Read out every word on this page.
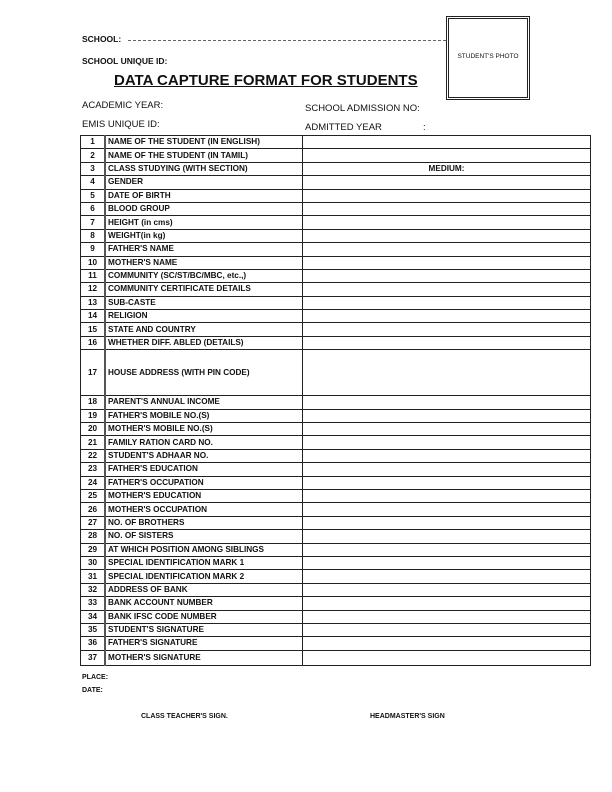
SCHOOL:
SCHOOL UNIQUE ID:	STUDENT'S PHOTO
DATA CAPTURE FORMAT FOR STUDENTS
ACADEMIC YEAR:	SCHOOL ADMISSION NO:
EMIS UNIQUE ID:	ADMITTED YEAR	:
1	NAME OF THE STUDENT (IN ENGLISH)	
2	NAME OF THE STUDENT (IN TAMIL)	
3	CLASS STUDYING (WITH SECTION)	MEDIUM:
4	GENDER	
5	DATE OF BIRTH	
6	BLOOD GROUP	
7	HEIGHT (in cms)	
8	WEIGHT(in kg)	
9	FATHER'S NAME	
10	MOTHER'S NAME	
11	COMMUNITY (SC/ST/BC/MBC, etc.,)	
12	COMMUNITY CERTIFICATE DETAILS	
13	SUB-CASTE	
14	RELIGION	
15	STATE AND COUNTRY	
16	WHETHER DIFF. ABLED (DETAILS)	
17	HOUSE ADDRESS (WITH PIN CODE)	
18	PARENT'S ANNUAL INCOME	
19	FATHER'S MOBILE NO.(S)	
20	MOTHER'S MOBILE NO.(S)	
21	FAMILY RATION CARD NO.	
22	STUDENT'S ADHAAR NO.	
23	FATHER'S EDUCATION	
24	FATHER'S OCCUPATION	
25	MOTHER'S EDUCATION	
26	MOTHER'S OCCUPATION	
27	NO. OF BROTHERS	
28	NO. OF SISTERS	
29	AT WHICH POSITION AMONG SIBLINGS	
30	SPECIAL IDENTIFICATION MARK 1	
31	SPECIAL IDENTIFICATION MARK 2	
32	ADDRESS OF BANK	
33	BANK ACCOUNT NUMBER	
34	BANK IFSC CODE NUMBER	
35	STUDENT'S SIGNATURE	
36	FATHER'S SIGNATURE	
37	MOTHER'S SIGNATURE	
PLACE:
DATE:
CLASS TEACHER'S SIGN.	HEADMASTER'S SIGN
